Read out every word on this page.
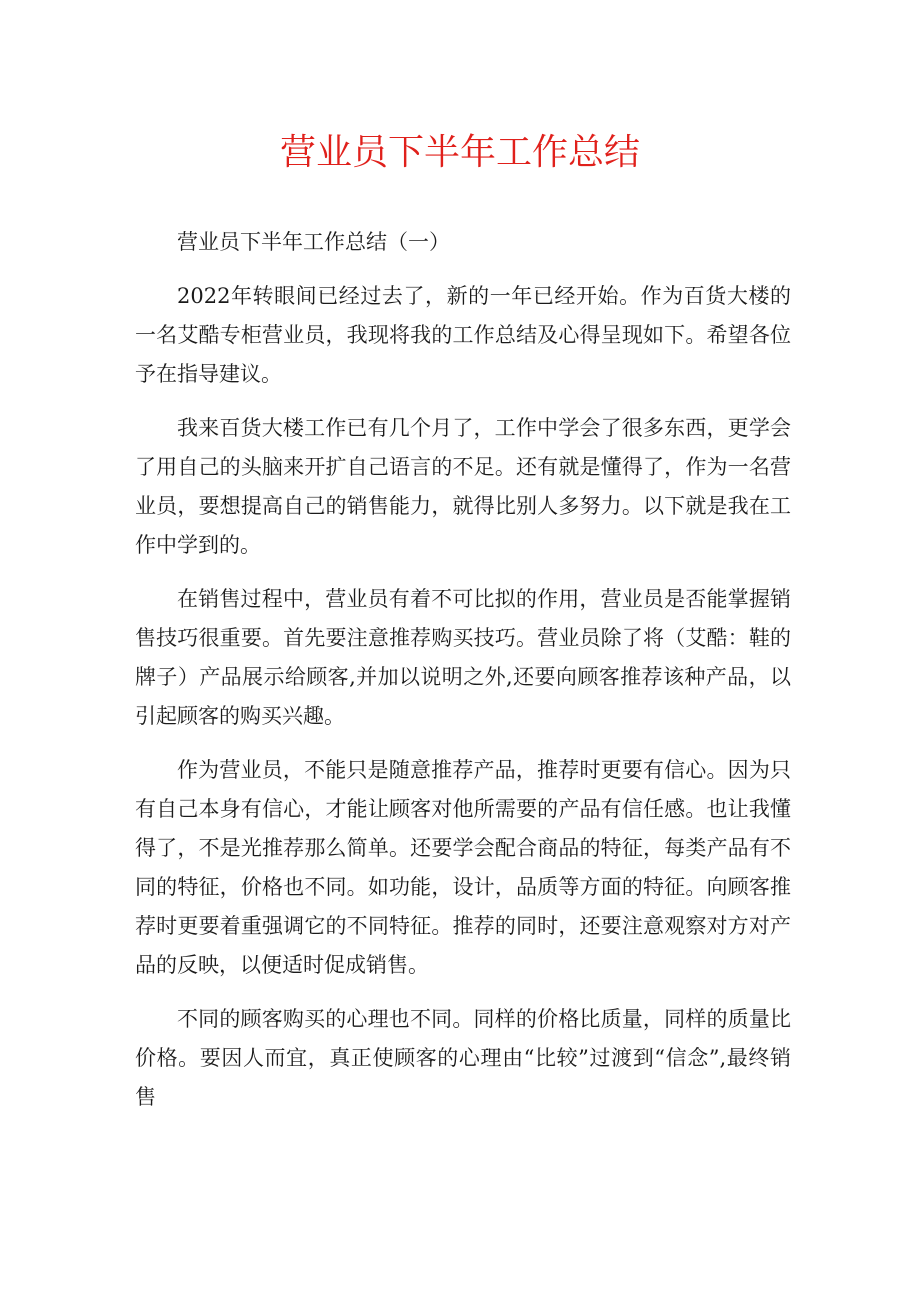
营业员下半年工作总结

营业员下半年工作总结（一）

2022年转眼间已经过去了，新的一年已经开始。作为百货大楼的一名艾酷专柜营业员，我现将我的工作总结及心得呈现如下。希望各位予在指导建议。

我来百货大楼工作已有几个月了，工作中学会了很多东西，更学会了用自己的头脑来开扩自己语言的不足。还有就是懂得了，作为一名营业员，要想提高自己的销售能力，就得比别人多努力。以下就是我在工作中学到的。

在销售过程中，营业员有着不可比拟的作用，营业员是否能掌握销售技巧很重要。首先要注意推荐购买技巧。营业员除了将（艾酷：鞋的牌子）产品展示给顾客,并加以说明之外,还要向顾客推荐该种产品，以引起顾客的购买兴趣。

作为营业员，不能只是随意推荐产品，推荐时更要有信心。因为只有自己本身有信心，才能让顾客对他所需要的产品有信任感。也让我懂得了，不是光推荐那么简单。还要学会配合商品的特征，每类产品有不同的特征，价格也不同。如功能，设计，品质等方面的特征。向顾客推荐时更要着重强调它的不同特征。推荐的同时，还要注意观察对方对产品的反映，以便适时促成销售。

不同的顾客购买的心理也不同。同样的价格比质量，同样的质量比价格。要因人而宜，真正使顾客的心理由“比较”过渡到“信念”,最终销售
